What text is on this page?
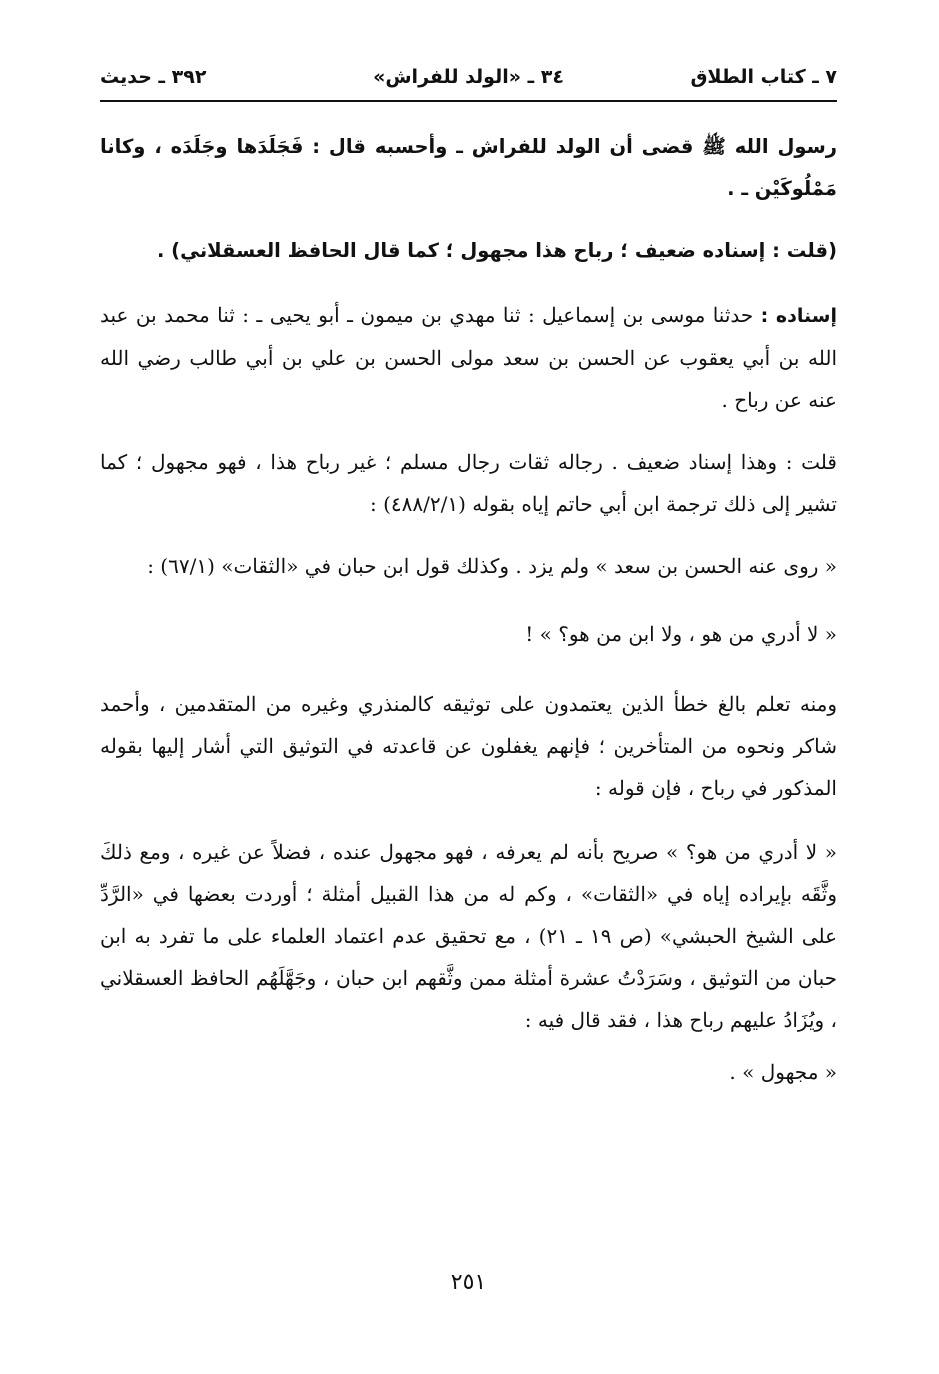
٧ ـ كتاب الطلاق
٣٤ ـ «الولد للفراش»
٣٩٢ ـ حديث

رسول الله ﷺ قضى أن الولد للفراش ـ وأحسبه قال : فَجَلَدَها وجَلَدَه ، وكانا مَمْلُوكَيْن ـ .

(قلت : إسناده ضعيف ؛ رباح هذا مجهول ؛ كما قال الحافظ العسقلاني) .

إسناده : حدثنا موسى بن إسماعيل : ثنا مهدي بن ميمون ـ أبو يحيى ـ : ثنا محمد بن عبد الله بن أبي يعقوب عن الحسن بن سعد مولى الحسن بن علي بن أبي طالب رضي الله عنه عن رباح .

قلت : وهذا إسناد ضعيف . رجاله ثقات رجال مسلم ؛ غير رباح هذا ، فهو مجهول ؛ كما تشير إلى ذلك ترجمة ابن أبي حاتم إياه بقوله (٤٨٨/٢/١) :

« روى عنه الحسن بن سعد » ولم يزد . وكذلك قول ابن حبان في «الثقات» (٦٧/١) :

« لا أدري من هو ، ولا ابن من هو؟ » !

ومنه تعلم بالغ خطأ الذين يعتمدون على توثيقه كالمنذري وغيره من المتقدمين ، وأحمد شاكر ونحوه من المتأخرين ؛ فإنهم يغفلون عن قاعدته في التوثيق التي أشار إليها بقوله المذكور في رباح ، فإن قوله :

« لا أدري من هو؟ » صريح بأنه لم يعرفه ، فهو مجهول عنده ، فضلاً عن غيره ، ومع ذلكَ وثَّقَه بإيراده إياه في «الثقات» ، وكم له من هذا القبيل أمثلة ؛ أوردت بعضها في «الرَّدِّ على الشيخ الحبشي» (ص ١٩ ـ ٢١) ، مع تحقيق عدم اعتماد العلماء على ما تفرد به ابن حبان من التوثيق ، وسَرَدْتُ عشرة أمثلة ممن وثَّقهم ابن حبان ، وجَهَّلَهُم الحافظ العسقلاني ، ويُزَادُ عليهم رباح هذا ، فقد قال فيه :

« مجهول » .

٢٥١
